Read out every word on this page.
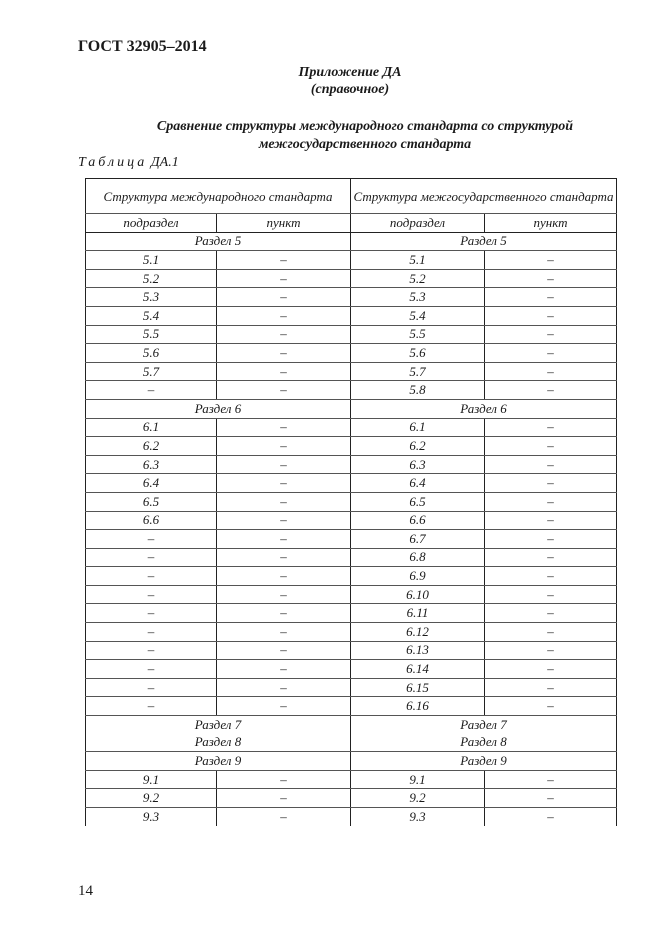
ГОСТ 32905–2014
Приложение ДА
(справочное)
Сравнение структуры международного стандарта со структурой
межгосударственного стандарта
Таблица ДА.1
Структура международного стандарта		Структура межгосударственного стандарта	
подраздел	пункт	подраздел	пункт
Раздел 5		Раздел 5	
5.1	–	5.1	–
5.2	–	5.2	–
5.3	–	5.3	–
5.4	–	5.4	–
5.5	–	5.5	–
5.6	–	5.6	–
5.7	–	5.7	–
–	–	5.8	–
Раздел 6		Раздел 6	
6.1	–	6.1	–
6.2	–	6.2	–
6.3	–	6.3	–
6.4	–	6.4	–
6.5	–	6.5	–
6.6	–	6.6	–
–	–	6.7	–
–	–	6.8	–
–	–	6.9	–
–	–	6.10	–
–	–	6.11	–
–	–	6.12	–
–	–	6.13	–
–	–	6.14	–
–	–	6.15	–
–	–	6.16	–
Раздел 7		Раздел 7	
Раздел 8		Раздел 8	
Раздел 9		Раздел 9	
9.1	–	9.1	–
9.2	–	9.2	–
9.3	–	9.3	–
14
